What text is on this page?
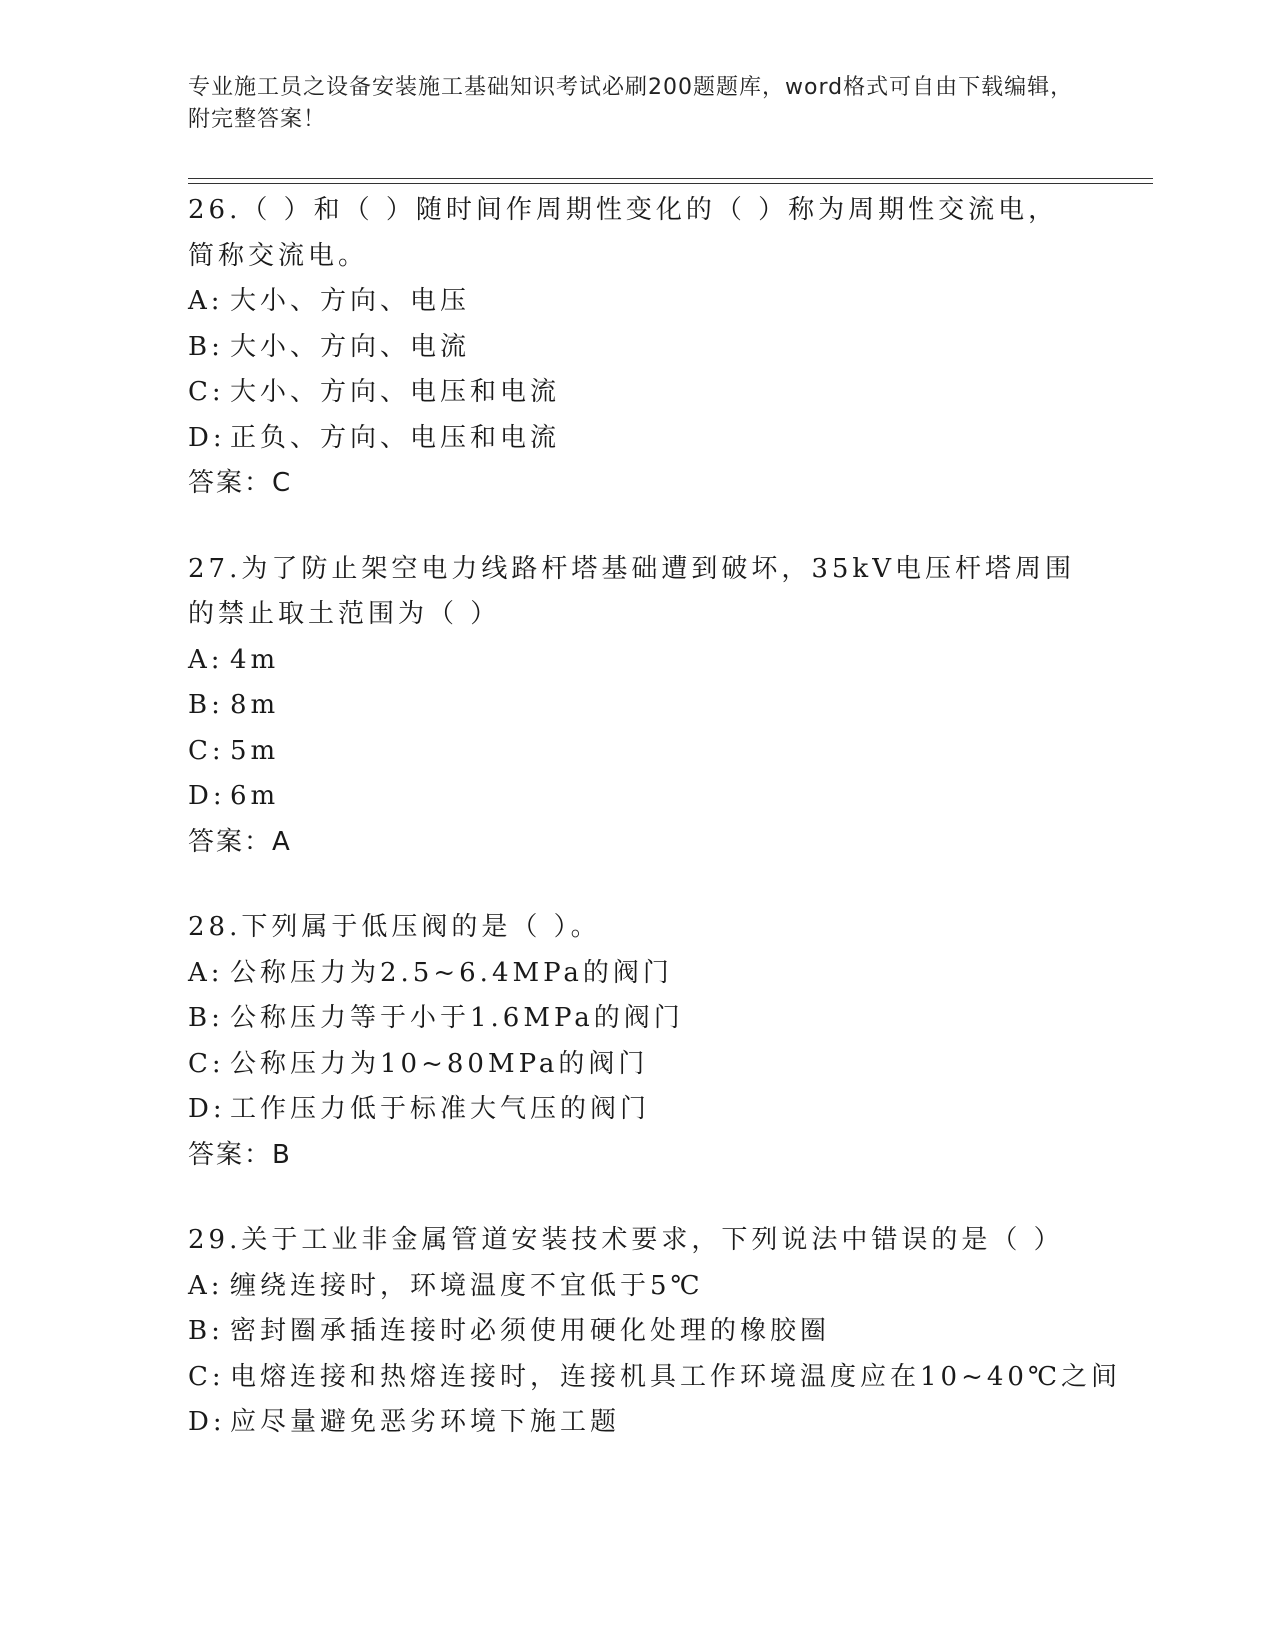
专业施工员之设备安装施工基础知识考试必刷200题题库，word格式可自由下载编辑，附完整答案！

26.（ ）和（ ）随时间作周期性变化的（ ）称为周期性交流电，简称交流电。

A: 大小、方向、电压

B: 大小、方向、电流

C: 大小、方向、电压和电流

D: 正负、方向、电压和电流

答案：C

27.为了防止架空电力线路杆塔基础遭到破坏，35kV电压杆塔周围的禁止取土范围为（ ）

A: 4m

B: 8m

C: 5m

D: 6m

答案：A

28.下列属于低压阀的是（ ）。

A: 公称压力为2.5~6.4MPa的阀门

B: 公称压力等于小于1.6MPa的阀门

C: 公称压力为10~80MPa的阀门

D: 工作压力低于标准大气压的阀门

答案：B

29.关于工业非金属管道安装技术要求，下列说法中错误的是（ ）

A: 缠绕连接时，环境温度不宜低于5℃

B: 密封圈承插连接时必须使用硬化处理的橡胶圈

C: 电熔连接和热熔连接时，连接机具工作环境温度应在10~40℃之间

D: 应尽量避免恶劣环境下施工题
